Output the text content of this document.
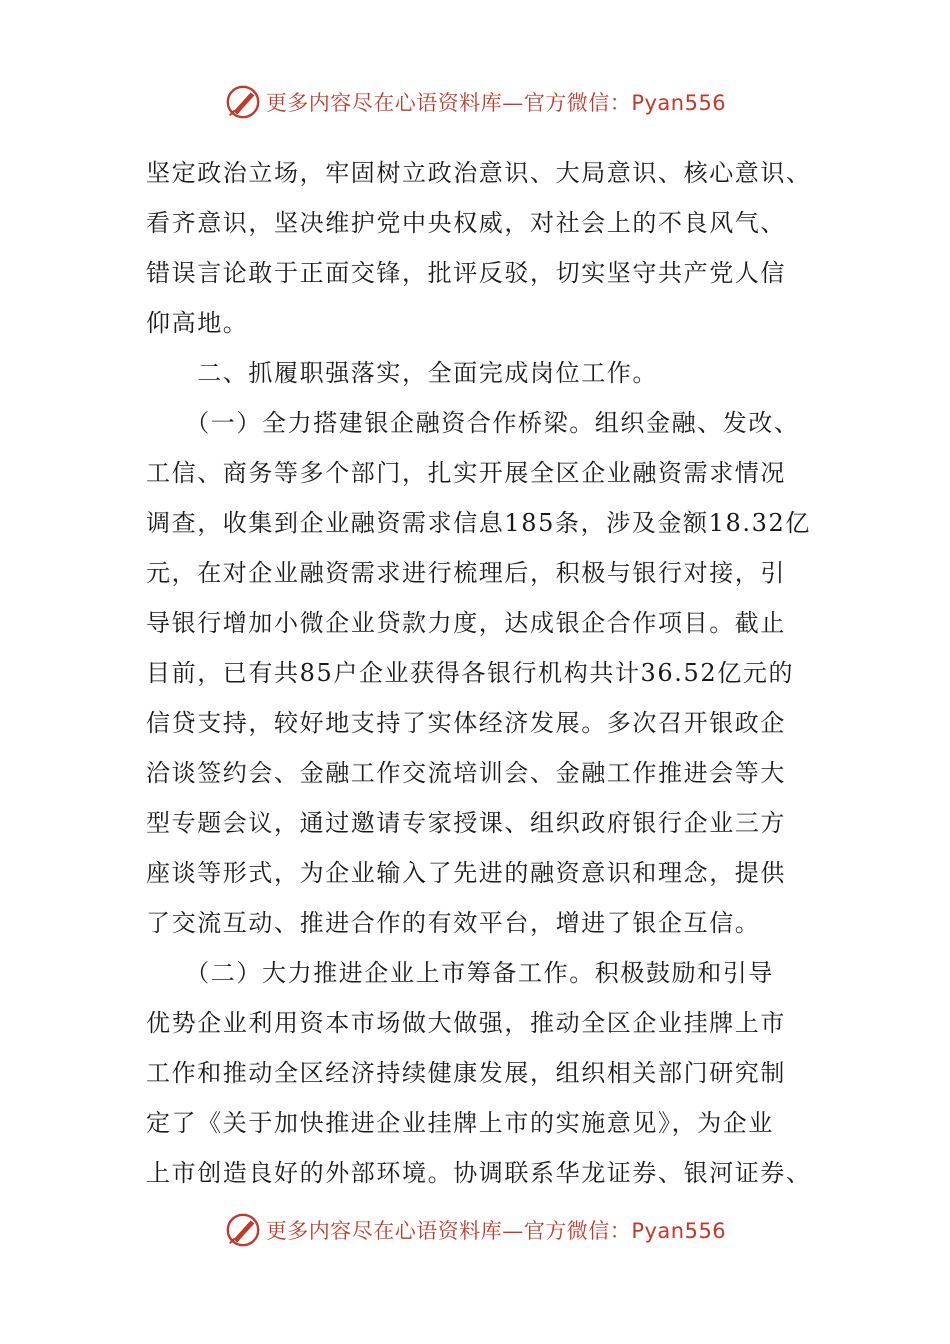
更多内容尽在心语资料库—官方微信：Pyan556
坚定政治立场，牢固树立政治意识、大局意识、核心意识、
看齐意识，坚决维护党中央权威，对社会上的不良风气、
错误言论敢于正面交锋，批评反驳，切实坚守共产党人信
仰高地。
　　二、抓履职强落实，全面完成岗位工作。
　　（一）全力搭建银企融资合作桥梁。组织金融、发改、
工信、商务等多个部门，扎实开展全区企业融资需求情况
调查，收集到企业融资需求信息185条，涉及金额18.32亿
元，在对企业融资需求进行梳理后，积极与银行对接，引
导银行增加小微企业贷款力度，达成银企合作项目。截止
目前，已有共85户企业获得各银行机构共计36.52亿元的
信贷支持，较好地支持了实体经济发展。多次召开银政企
洽谈签约会、金融工作交流培训会、金融工作推进会等大
型专题会议，通过邀请专家授课、组织政府银行企业三方
座谈等形式，为企业输入了先进的融资意识和理念，提供
了交流互动、推进合作的有效平台，增进了银企互信。
　　（二）大力推进企业上市筹备工作。积极鼓励和引导
优势企业利用资本市场做大做强，推动全区企业挂牌上市
工作和推动全区经济持续健康发展，组织相关部门研究制
定了《关于加快推进企业挂牌上市的实施意见》，为企业
上市创造良好的外部环境。协调联系华龙证券、银河证券、
更多内容尽在心语资料库—官方微信：Pyan556
